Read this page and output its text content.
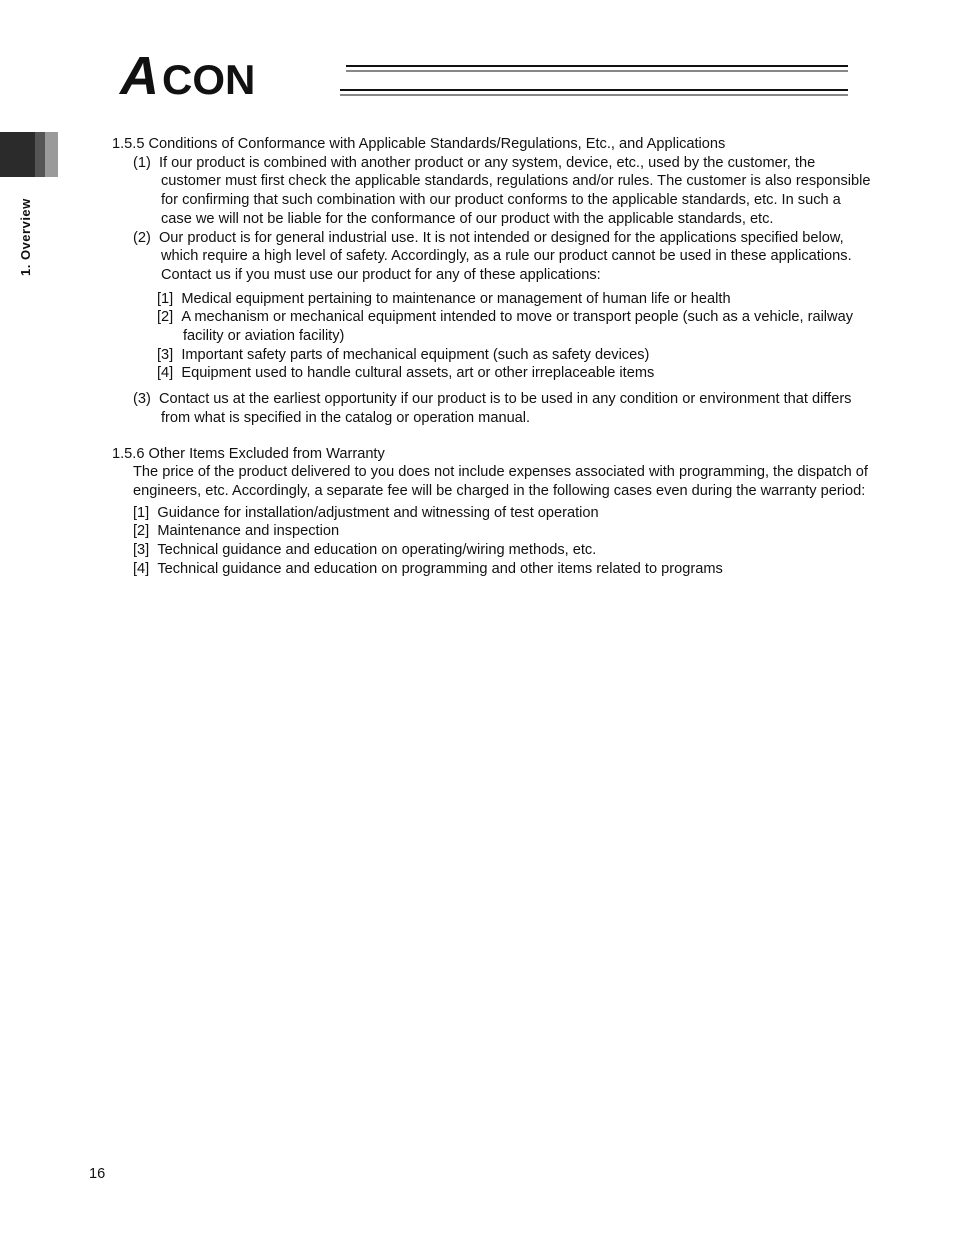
A CON
1. Overview

1.5.5 Conditions of Conformance with Applicable Standards/Regulations, Etc., and Applications

(1) If our product is combined with another product or any system, device, etc., used by the customer, the customer must first check the applicable standards, regulations and/or rules. The customer is also responsible for confirming that such combination with our product conforms to the applicable standards, etc. In such a case we will not be liable for the conformance of our product with the applicable standards, etc.

(2) Our product is for general industrial use. It is not intended or designed for the applications specified below, which require a high level of safety. Accordingly, as a rule our product cannot be used in these applications. Contact us if you must use our product for any of these applications:

[1] Medical equipment pertaining to maintenance or management of human life or health

[2] A mechanism or mechanical equipment intended to move or transport people (such as a vehicle, railway facility or aviation facility)

[3] Important safety parts of mechanical equipment (such as safety devices)

[4] Equipment used to handle cultural assets, art or other irreplaceable items

(3) Contact us at the earliest opportunity if our product is to be used in any condition or environment that differs from what is specified in the catalog or operation manual.

1.5.6 Other Items Excluded from Warranty

The price of the product delivered to you does not include expenses associated with programming, the dispatch of engineers, etc. Accordingly, a separate fee will be charged in the following cases even during the warranty period:

[1] Guidance for installation/adjustment and witnessing of test operation

[2] Maintenance and inspection

[3] Technical guidance and education on operating/wiring methods, etc.

[4] Technical guidance and education on programming and other items related to programs

16
